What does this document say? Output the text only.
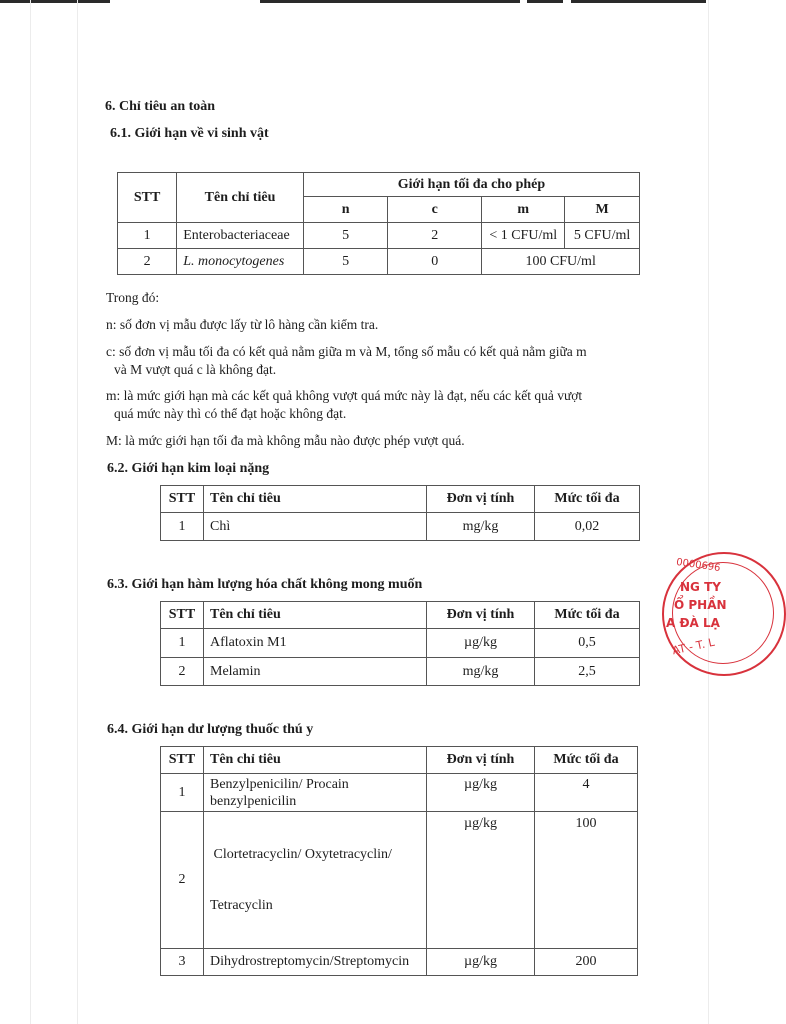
6. Chỉ tiêu an toàn
6.1. Giới hạn về vi sinh vật
STT	Tên chỉ tiêu	Giới hạn tối đa cho phép			
		n	c	m	M
1	Enterobacteriaceae	5	2	< 1 CFU/ml	5 CFU/ml
2	L. monocytogenes	5	0	100 CFU/ml	
Trong đó:
n: số đơn vị mẫu được lấy từ lô hàng cần kiểm tra.
c: số đơn vị mẫu tối đa có kết quả nằm giữa m và M, tổng số mẫu có kết quả nằm giữa m
và M vượt quá c là không đạt.
m: là mức giới hạn mà các kết quả không vượt quá mức này là đạt, nếu các kết quả vượt
quá mức này thì có thể đạt hoặc không đạt.
M: là mức giới hạn tối đa mà không mẫu nào được phép vượt quá.
6.2. Giới hạn kim loại nặng
STT	Tên chỉ tiêu	Đơn vị tính	Mức tối đa
1	Chì	mg/kg	0,02
6.3. Giới hạn hàm lượng hóa chất không mong muốn
STT	Tên chỉ tiêu	Đơn vị tính	Mức tối đa
1	Aflatoxin M1	µg/kg	0,5
2	Melamin	mg/kg	2,5
6.4. Giới hạn dư lượng thuốc thú y
STT	Tên chỉ tiêu	Đơn vị tính	Mức tối đa
1	Benzylpenicilin/ Procain
benzylpenicilin	µg/kg	4
2	Clortetracyclin/ Oxytetracyclin/

Tetracyclin	µg/kg	100
3	Dihydrostreptomycin/Streptomycin	µg/kg	200
0000696
NG TY
Ổ PHẦN
A ĐÀ LẠ
AT - T. L
